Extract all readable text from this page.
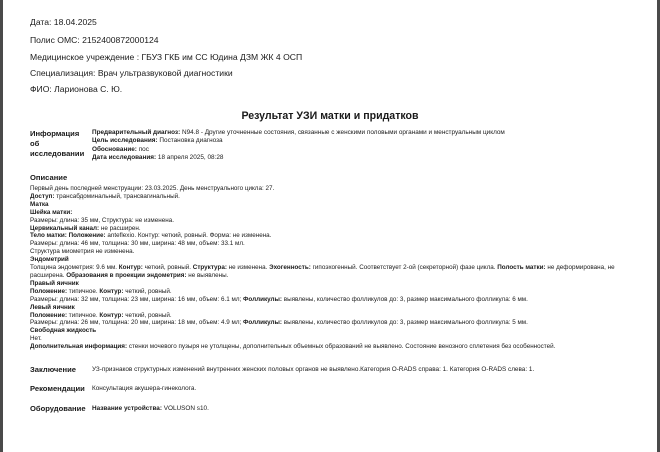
Дата: 18.04.2025
Полис ОМС: 2152400872000124
Медицинское учреждение : ГБУЗ ГКБ им СС Юдина ДЗМ ЖК 4 ОСП
Специализация: Врач ультразвуковой диагностики
ФИО: Ларионова С. Ю.
Результат УЗИ матки и придатков
Информация об исследовании
Предварительный диагноз: N94.8 - Другие уточненные состояния, связанные с женскими половыми органами и менструальным циклом
Цель исследования: Постановка диагноза
Обоснование: пос
Дата исследования: 18 апреля 2025, 08:28
Описание
Первый день последней менструации: 23.03.2025. День менструального цикла: 27.
Доступ: трансабдоминальный, трансвагинальный.
Матка
Шейка матки:
Размеры: длина: 35 мм, Структура: не изменена.
Цервикальный канал: не расширен.
Тело матки: Положение: anteflexio. Контур: четкий, ровный. Форма: не изменена.
Размеры: длина: 46 мм, толщина: 30 мм, ширина: 48 мм, объем: 33.1 мл.
Структура миометрия не изменена.
Эндометрий
Толщина эндометрия: 9.6 мм. Контур: четкий, ровный. Структура: не изменена. Эхогенность: гипоэхогенный. Соответствует 2-ой (секреторной) фазе цикла. Полость матки: не деформирована, не расширена. Образования в проекции эндометрия: не выявлены.
Правый яичник
Положение: типичное. Контур: четкий, ровный.
Размеры: длина: 32 мм, толщина: 23 мм, ширина: 16 мм, объем: 6.1 мл; Фолликулы: выявлены, количество фолликулов до: 3, размер максимального фолликула: 6 мм.
Левый яичник
Положение: типичное. Контур: четкий, ровный.
Размеры: длина: 26 мм, толщина: 20 мм, ширина: 18 мм, объем: 4.9 мл; Фолликулы: выявлены, количество фолликулов до: 3, размер максимального фолликула: 5 мм.
Свободная жидкость
Нет.
Дополнительная информация: стенки мочевого пузыря не утолщены, дополнительных объемных образований не выявлено. Состояние венозного сплетения без особенностей.
Заключение УЗ-признаков структурных изменений внутренних женских половых органов не выявлено.Категория O-RADS справа: 1. Категория O-RADS слева: 1.
Рекомендации Консультация акушера-гинеколога.
Оборудование Название устройства: VOLUSON s10.
